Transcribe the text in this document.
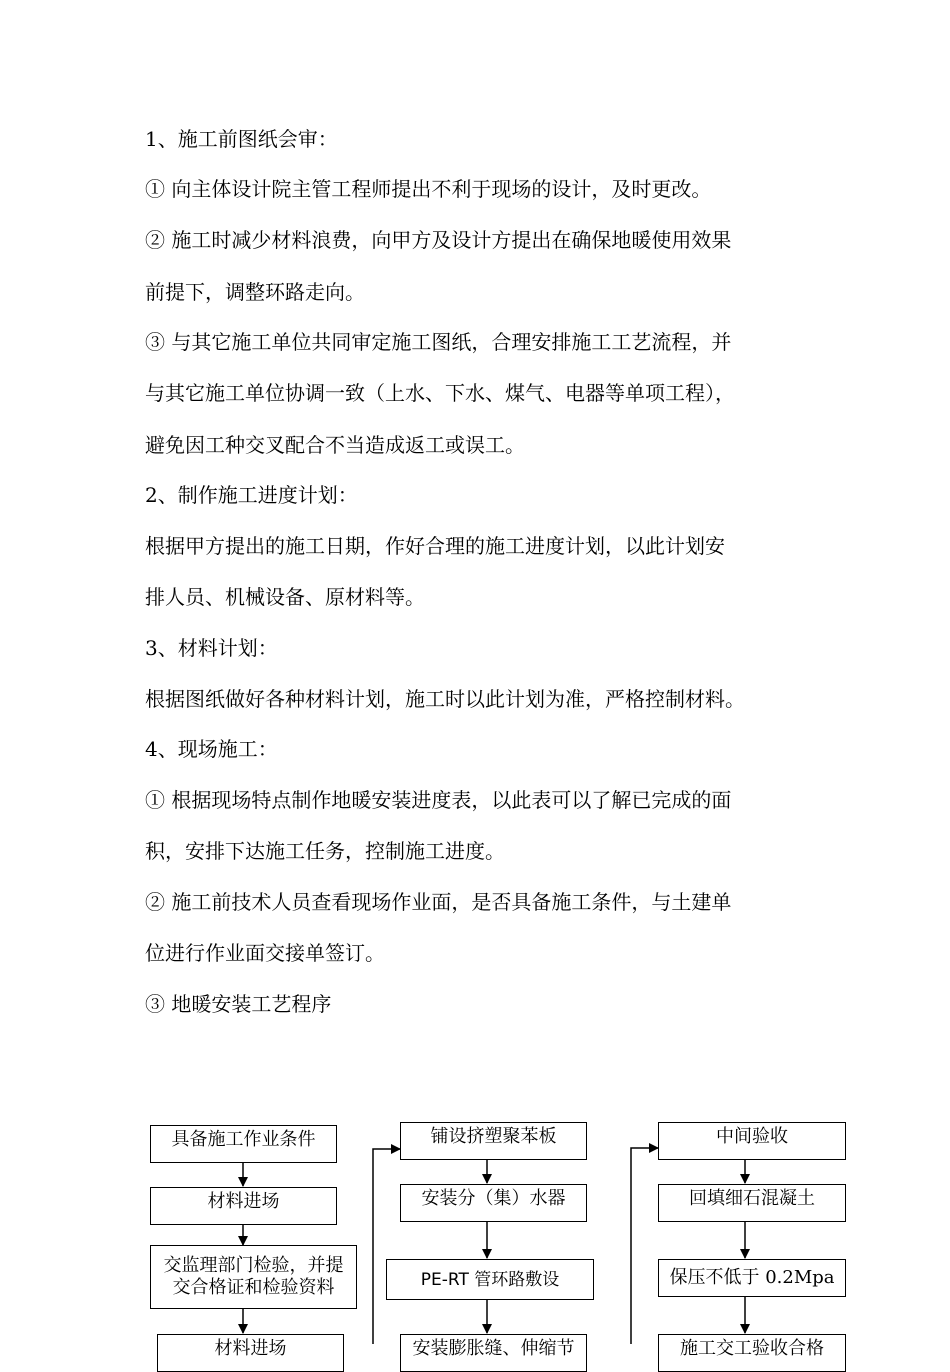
1、施工前图纸会审：

① 向主体设计院主管工程师提出不利于现场的设计，及时更改。

② 施工时减少材料浪费，向甲方及设计方提出在确保地暖使用效果

前提下，调整环路走向。

③ 与其它施工单位共同审定施工图纸，合理安排施工工艺流程，并

与其它施工单位协调一致（上水、下水、煤气、电器等单项工程），

避免因工种交叉配合不当造成返工或误工。

2、制作施工进度计划：

根据甲方提出的施工日期，作好合理的施工进度计划，以此计划安

排人员、机械设备、原材料等。

3、材料计划：

根据图纸做好各种材料计划，施工时以此计划为准，严格控制材料。

4、现场施工：

① 根据现场特点制作地暖安装进度表，以此表可以了解已完成的面

积，安排下达施工任务，控制施工进度。

② 施工前技术人员查看现场作业面，是否具备施工条件，与土建单

位进行作业面交接单签订。

③ 地暖安装工艺程序

具备施工作业条件
材料进场
交监理部门检验，并提交合格证和检验资料
材料进场
铺设挤塑聚苯板
安装分（集）水器
PE-RT 管环路敷设
安装膨胀缝、伸缩节
中间验收
回填细石混凝土
保压不低于 0.2Mpa
施工交工验收合格
